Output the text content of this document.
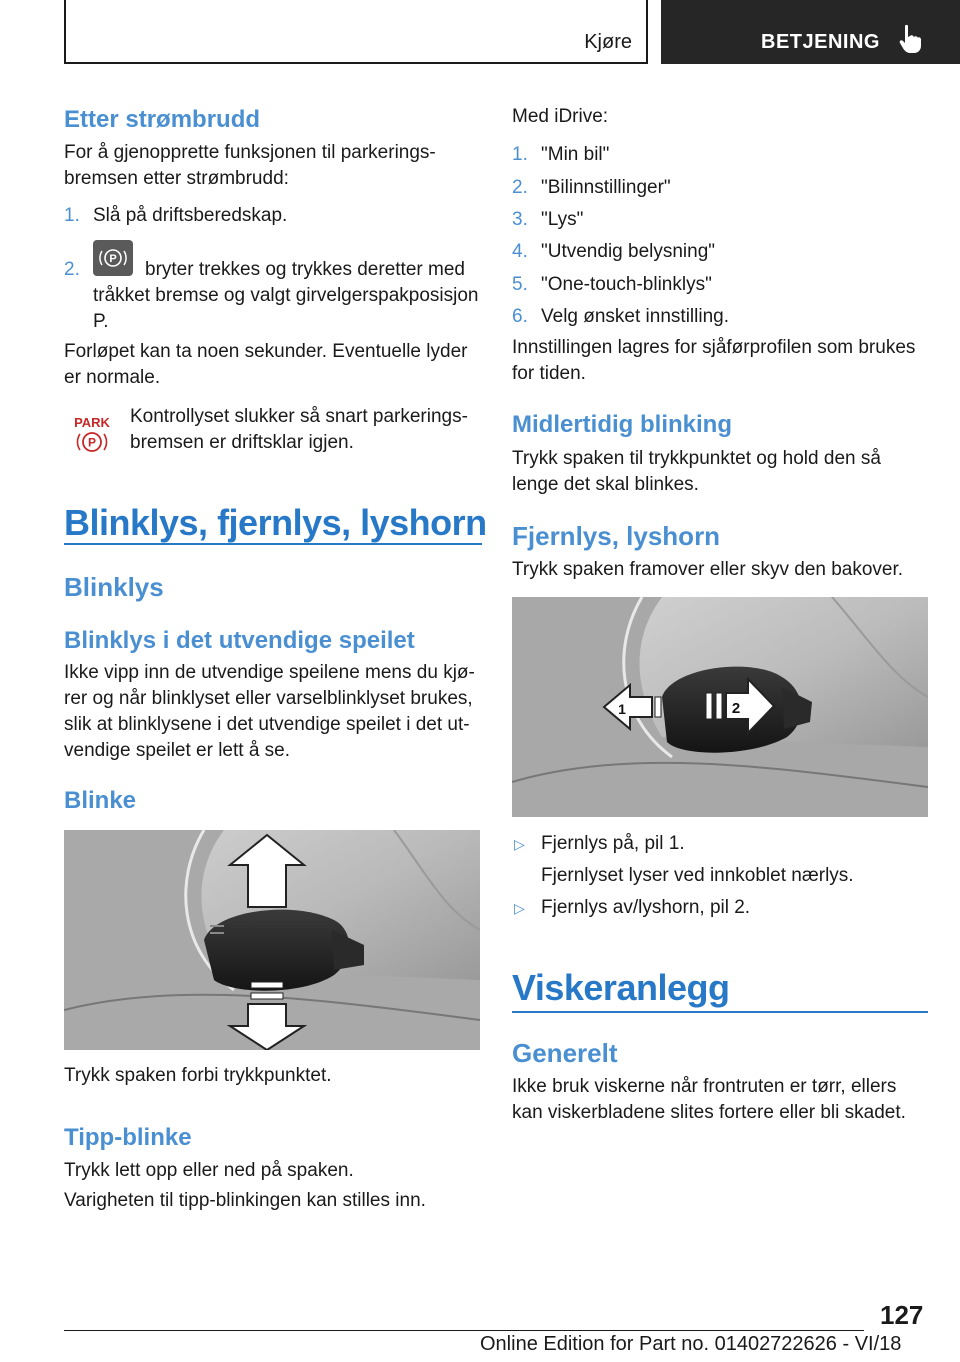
Kjøre	BETJENING
Etter strømbrudd

For å gjenopprette funksjonen til parkerings-bremsen etter strømbrudd:

1. Slå på driftsberedskap.
2.	P bryter trekkes og trykkes deretter med
tråkket bremse og valgt girvelgerspakposisjon
P.

Forløpet kan ta noen sekunder. Eventuelle lyder er normale.

PARK
P

Kontrollyset slukker så snart parkerings-bremsen er driftsklar igjen.

Blinklys, fjernlys, lyshorn
Blinklys
Blinklys i det utvendige speilet

Ikke vipp inn de utvendige speilene mens du kjø-rer og når blinklyset eller varselblinklyset brukes, slik at blinklysene i det utvendige speilet i det ut-vendige speilet er lett å se.

Blinke

Trykk spaken forbi trykkpunktet.

Tipp-blinke

Trykk lett opp eller ned på spaken.

Varigheten til tipp-blinkingen kan stilles inn.

Med iDrive:

1. "Min bil"
2. "Bilinnstillinger"
3. "Lys"
4. "Utvendig belysning"
5. "One-touch-blinklys"
6. Velg ønsket innstilling.

Innstillingen lagres for sjåførprofilen som brukes for tiden.

Midlertidig blinking

Trykk spaken til trykkpunktet og hold den så lenge det skal blinkes.

Fjernlys, lyshorn

Trykk spaken framover eller skyv den bakover.

1	2
▷ Fjernlys på, pil 1.
Fjernlyset lyser ved innkoblet nærlys.
▷ Fjernlys av/lyshorn, pil 2.
Viskeranlegg
Generelt

Ikke bruk viskerne når frontruten er tørr, ellers kan viskerbladene slites fortere eller bli skadet.

127
Online Edition for Part no. 01402722626 - VI/18
